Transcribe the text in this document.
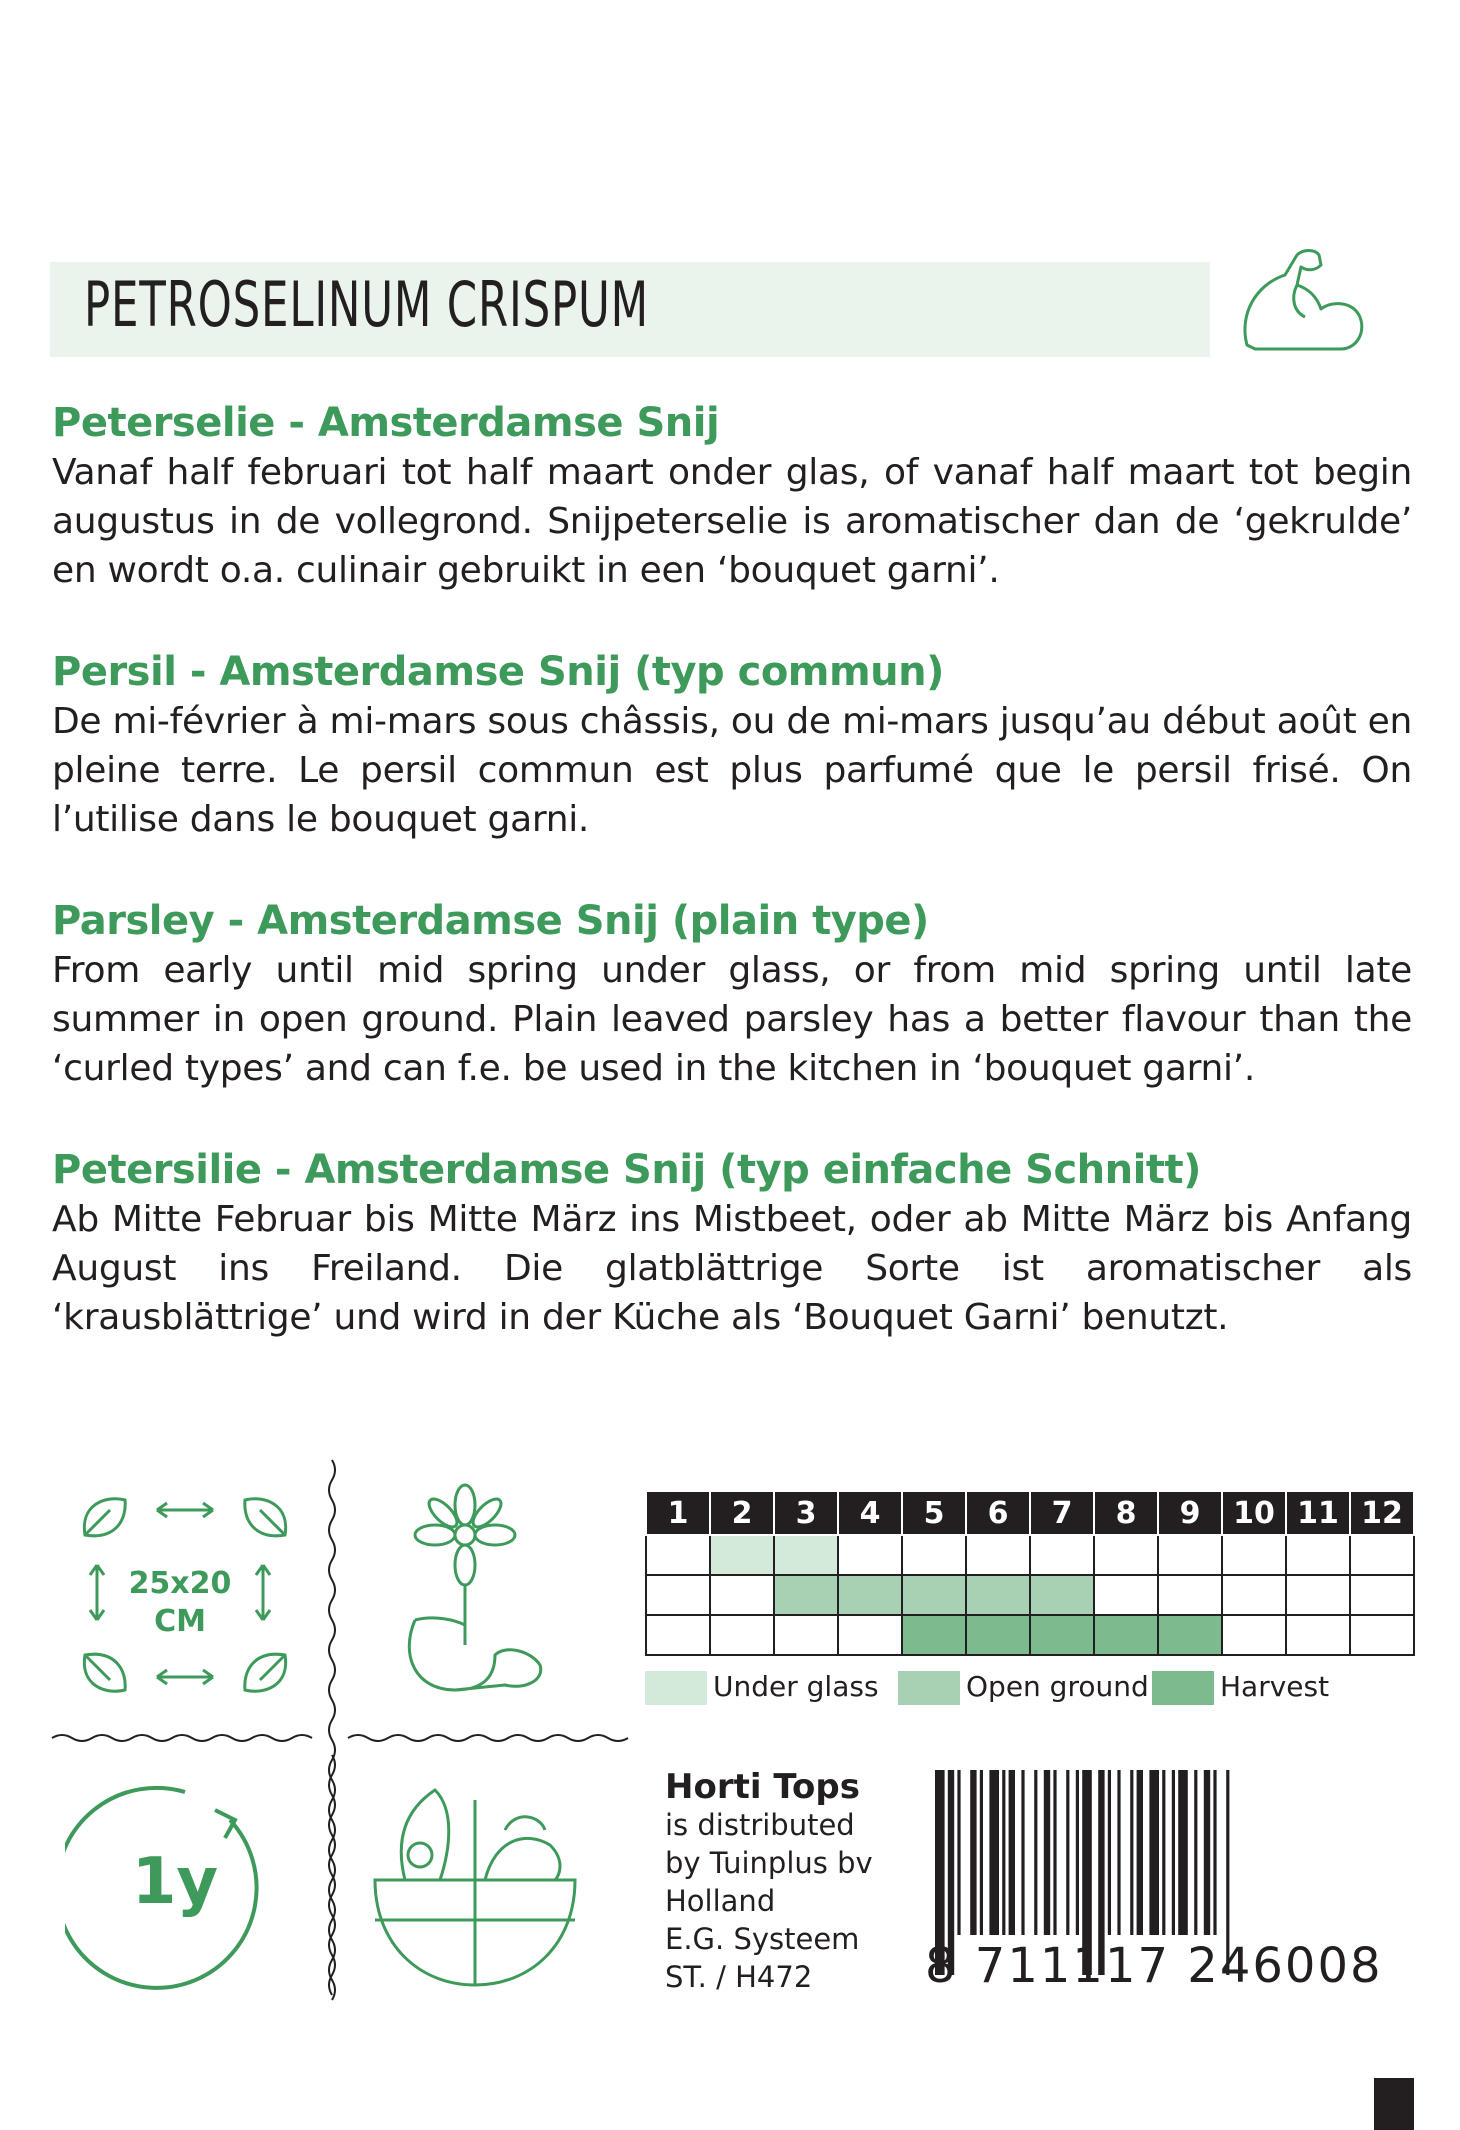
PETROSELINUM CRISPUM
Peterselie - Amsterdamse Snij

Vanaf half februari tot half maart onder glas, of vanaf half maart tot begin augustus in de vollegrond. Snijpeterselie is aromatischer dan de ‘gekrulde’ en wordt o.a. culinair gebruikt in een ‘bouquet garni’.

Persil - Amsterdamse Snij (typ commun)

De mi-février à mi-mars sous châssis, ou de mi-mars jusqu’au début août en pleine terre. Le persil commun est plus parfumé que le persil frisé. On l’utilise dans le bouquet garni.

Parsley - Amsterdamse Snij (plain type)

From early until mid spring under glass, or from mid spring until late summer in open ground. Plain leaved parsley has a better flavour than the ‘curled types’ and can f.e. be used in the kitchen in ‘bouquet garni’.

Petersilie - Amsterdamse Snij (typ einfache Schnitt)

Ab Mitte Februar bis Mitte März ins Mistbeet, oder ab Mitte März bis Anfang August ins Freiland. Die glatblättrige Sorte ist aromatischer als ‘krausblättrige’ und wird in der Küche als ‘Bouquet Garni’ benutzt.

25x20
CM
1y
1	2	3	4	5	6	7	8	9	10	11	12

Under glass	Open ground	Harvest
Horti Tops
is distributed
by Tuinplus bv
Holland
E.G. Systeem
ST. / H472	8 711117 246008
